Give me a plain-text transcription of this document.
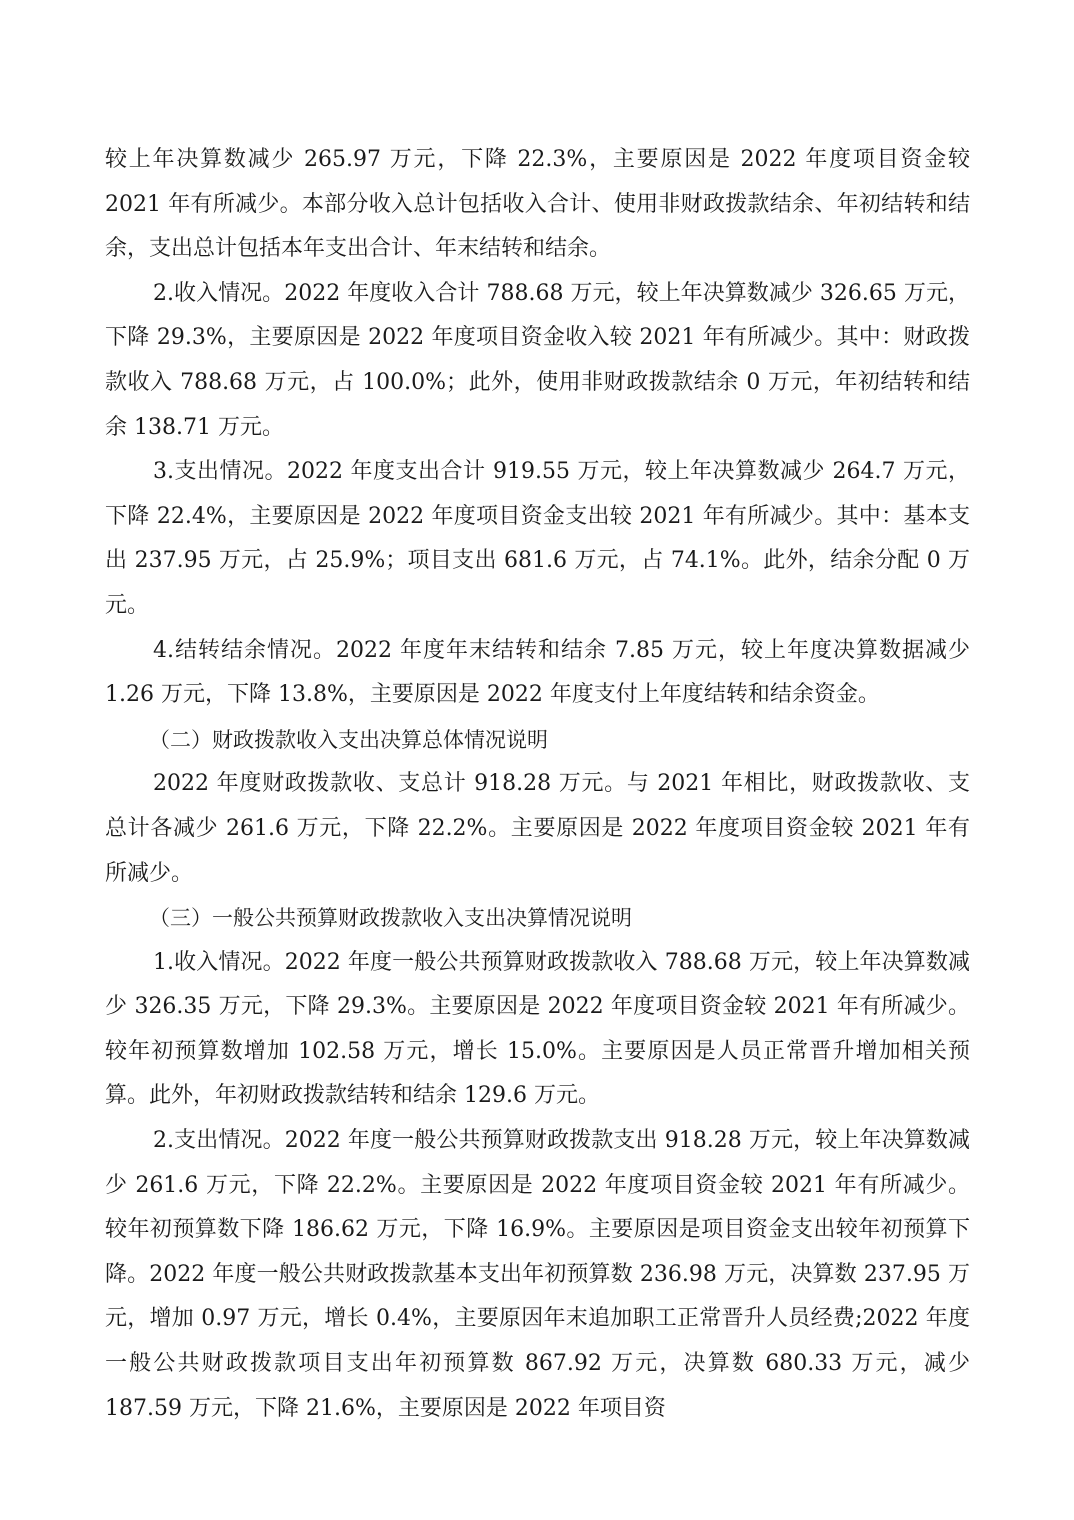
较上年决算数减少 265.97 万元，下降 22.3%，主要原因是 2022 年度项目资金较 2021 年有所减少。本部分收入总计包括收入合计、使用非财政拨款结余、年初结转和结余，支出总计包括本年支出合计、年末结转和结余。

2.收入情况。2022 年度收入合计 788.68 万元，较上年决算数减少 326.65 万元，下降 29.3%，主要原因是 2022 年度项目资金收入较 2021 年有所减少。其中：财政拨款收入 788.68 万元，占 100.0%；此外，使用非财政拨款结余 0 万元，年初结转和结余 138.71 万元。

3.支出情况。2022 年度支出合计 919.55 万元，较上年决算数减少 264.7 万元，下降 22.4%，主要原因是 2022 年度项目资金支出较 2021 年有所减少。其中：基本支出 237.95 万元，占 25.9%；项目支出 681.6 万元，占 74.1%。此外，结余分配 0 万元。

4.结转结余情况。2022 年度年末结转和结余 7.85 万元，较上年度决算数据减少 1.26 万元，下降 13.8%，主要原因是 2022 年度支付上年度结转和结余资金。

（二）财政拨款收入支出决算总体情况说明

2022 年度财政拨款收、支总计 918.28 万元。与 2021 年相比，财政拨款收、支总计各减少 261.6 万元，下降 22.2%。主要原因是 2022 年度项目资金较 2021 年有所减少。

（三）一般公共预算财政拨款收入支出决算情况说明

1.收入情况。2022 年度一般公共预算财政拨款收入 788.68 万元，较上年决算数减少 326.35 万元，下降 29.3%。主要原因是 2022 年度项目资金较 2021 年有所减少。较年初预算数增加 102.58 万元，增长 15.0%。主要原因是人员正常晋升增加相关预算。此外，年初财政拨款结转和结余 129.6 万元。

2.支出情况。2022 年度一般公共预算财政拨款支出 918.28 万元，较上年决算数减少 261.6 万元，下降 22.2%。主要原因是 2022 年度项目资金较 2021 年有所减少。较年初预算数下降 186.62 万元，下降 16.9%。主要原因是项目资金支出较年初预算下降。2022 年度一般公共财政拨款基本支出年初预算数 236.98 万元，决算数 237.95 万元，增加 0.97 万元，增长 0.4%，主要原因年末追加职工正常晋升人员经费;2022 年度一般公共财政拨款项目支出年初预算数 867.92 万元，决算数 680.33 万元，减少 187.59 万元，下降 21.6%，主要原因是 2022 年项目资
